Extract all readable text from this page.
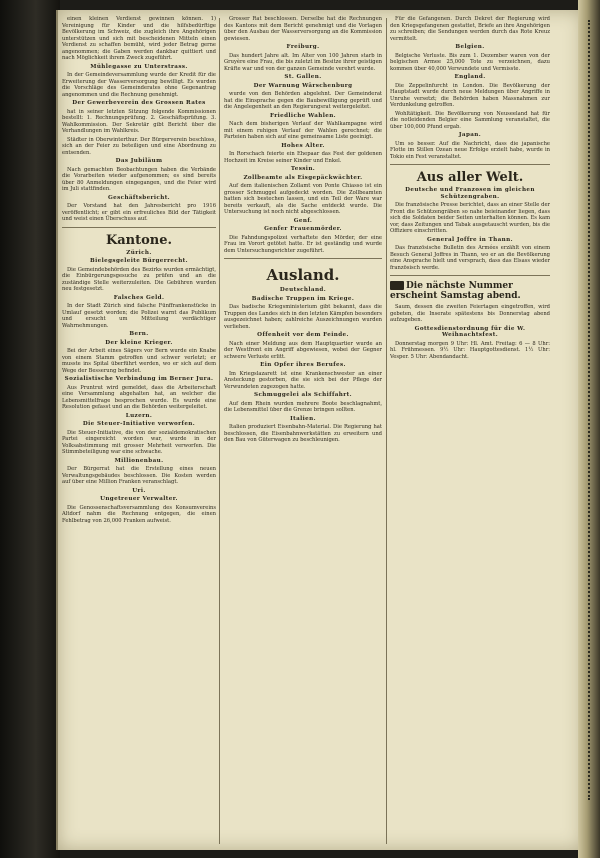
einen kleinen Verdienst gewinnen können. 1) Vereinigung für Kinder und die hilfsbedürftige Bevölkerung im Schweiz, die zugleich ihre Angehörigen unterstützen und sich mit bescheidenen Mitteln einen Verdienst zu schaffen bemüht, wird jeder Betrag gerne angenommen; die Gaben werden dankbar quittiert und nach Möglichkeit ihrem Zweck zugeführt.

Mühlegasse zu Unterstrass.

In der Gemeindeversammlung wurde der Kredit für die Erweiterung der Wasserversorgung bewilligt. Es wurden die Vorschläge des Gemeinderates ohne Gegenantrag angenommen und die Rechnung genehmigt.

Der Gewerbeverein des Grossen Rates

hat in seiner letzten Sitzung folgende Kommissionen bestellt: 1. Rechnungsprüfung. 2. Geschäftsprüfung. 3. Wahlkommission. Der Sekretär gibt Bericht über die Verhandlungen im Wahlkreis.

Städter in Oberwinterthur. Der Bürgerverein beschloss, sich an der Feier zu beteiligen und eine Abordnung zu entsenden.

Das Jubiläum

Nach gemachten Beobachtungen haben die Verbände die Vorarbeiten wieder aufgenommen; es sind bereits über 80 Anmeldungen eingegangen, und die Feier wird im Juli stattfinden.

Geschäftsbericht.

Der Vorstand hat den Jahresbericht pro 1916 veröffentlicht; er gibt ein erfreuliches Bild der Tätigkeit und weist einen Überschuss auf.

Kantone.

Zürich.

Bielegsgeleite Bürgerrecht.

Die Gemeindebehörden des Bezirks wurden ermächtigt, die Einbürgerungsgesuche zu prüfen und an die zuständige Stelle weiterzuleiten. Die Gebühren wurden neu festgesetzt.

Falsches Geld.

In der Stadt Zürich sind falsche Fünffrankenstücke in Umlauf gesetzt worden; die Polizei warnt das Publikum und ersucht um Mitteilung verdächtiger Wahrnehmungen.

Bern.

Der kleine Krieger.

Bei der Arbeit eines Sägers vor Bern wurde ein Knabe von einem Stamm getroffen und schwer verletzt; er musste ins Spital überführt werden, wo er sich auf dem Wege der Besserung befindet.

Sozialistische Verbindung im Berner Jura.

Aus Pruntrut wird gemeldet, dass die Arbeiterschaft eine Versammlung abgehalten hat, an welcher die Lebensmittelfrage besprochen wurde. Es wurde eine Resolution gefasst und an die Behörden weitergeleitet.

Luzern.

Die Steuer-Initiative verworfen.

Die Steuer-Initiative, die von der sozialdemokratischen Partei eingereicht worden war, wurde in der Volksabstimmung mit grosser Mehrheit verworfen. Die Stimmbeteiligung war eine schwache.

Millionenbau.

Der Bürgerrat hat die Erstellung eines neuen Verwaltungsgebäudes beschlossen. Die Kosten werden auf über eine Million Franken veranschlagt.

Uri.

Ungetreuer Verwalter.

Die Genossenschaftsversammlung des Konsumvereins Altdorf nahm die Rechnung entgegen, die einen Fehlbetrag von 26,000 Franken aufweist.

Grosser Rat beschlossen. Derselbe hat die Rechnungen des Kantons mit dem Bericht genehmigt und die Vorlagen über den Ausbau der Wasserversorgung an die Kommission gewiesen.

Freiburg.

Das hundert Jahre alt. Im Alter von 100 Jahren starb in Gruyère eine Frau, die bis zuletzt im Besitze ihrer geistigen Kräfte war und von der ganzen Gemeinde verehrt wurde.

St. Gallen.

Der Warnung Wärschenburg

wurde von den Behörden abgelehnt. Der Gemeinderat hat die Einsprache gegen die Baubewilligung geprüft und die Angelegenheit an den Regierungsrat weitergeleitet.

Friedliche Wahlen.

Nach dem bisherigen Verlauf der Wahlkampagne wird mit einem ruhigen Verlauf der Wahlen gerechnet; die Parteien haben sich auf eine gemeinsame Liste geeinigt.

Hohes Alter.

In Rorschach feierte ein Ehepaar das Fest der goldenen Hochzeit im Kreise seiner Kinder und Enkel.

Tessin.

Zollbeamte als Eisgepäckwächter.

Auf dem italienischen Zollamt von Ponte Chiasso ist ein grosser Schmuggel aufgedeckt worden. Die Zollbeamten hatten sich bestechen lassen, und ein Teil der Ware war bereits verkauft, als die Sache entdeckt wurde. Die Untersuchung ist noch nicht abgeschlossen.

Genf.

Genfer Frauenmörder.

Die Fahndungspolizei verhaftete den Mörder, der eine Frau im Vorort getötet hatte. Er ist geständig und wurde dem Untersuchungsrichter zugeführt.

Ausland.

Deutschland.

Badische Truppen im Kriege.

Das badische Kriegsministerium gibt bekannt, dass die Truppen des Landes sich in den letzten Kämpfen besonders ausgezeichnet haben; zahlreiche Auszeichnungen wurden verliehen.

Offenheit vor dem Feinde.

Nach einer Meldung aus dem Hauptquartier wurde an der Westfront ein Angriff abgewiesen, wobei der Gegner schwere Verluste erlitt.

Ein Opfer ihres Berufes.

Im Kriegslazarett ist eine Krankenschwester an einer Ansteckung gestorben, die sie sich bei der Pflege der Verwundeten zugezogen hatte.

Schmuggelei als Schiffahrt.

Auf dem Rhein wurden mehrere Boote beschlagnahmt, die Lebensmittel über die Grenze bringen sollten.

Italien.

Italien produziert Eisenbahn-Material. Die Regierung hat beschlossen, die Eisenbahnwerkstätten zu erweitern und den Bau von Güterwagen zu beschleunigen.

Für die Gefangenen. Durch Dekret der Regierung wird den Kriegsgefangenen gestattet, Briefe an ihre Angehörigen zu schreiben; die Sendungen werden durch das Rote Kreuz vermittelt.

Belgien.

Belgische Verluste. Bis zum 1. Dezember waren von der belgischen Armee 25,000 Tote zu verzeichnen, dazu kommen über 40,000 Verwundete und Vermisste.

England.

Die Zeppelinfurcht in London. Die Bevölkerung der Hauptstadt wurde durch neue Meldungen über Angriffe in Unruhe versetzt; die Behörden haben Massnahmen zur Verdunkelung getroffen.

Wohltätigkeit. Die Bevölkerung von Neuseeland hat für die notleidenden Belgier eine Sammlung veranstaltet, die über 100,000 Pfund ergab.

Japan.

Um so besser. Auf die Nachricht, dass die japanische Flotte im Stillen Ozean neue Erfolge erzielt habe, wurde in Tokio ein Fest veranstaltet.

Aus aller Welt.

Deutsche und Franzosen im gleichen Schützengraben.

Die französische Presse berichtet, dass an einer Stelle der Front die Schützengräben so nahe beieinander liegen, dass sich die Soldaten beider Seiten unterhalten können. Es kam vor, dass Zeitungen und Tabak ausgetauscht wurden, bis die Offiziere einschritten.

General Joffre in Thann.

Das französische Bulletin des Armées erzählt von einem Besuch General Joffres in Thann, wo er an die Bevölkerung eine Ansprache hielt und versprach, dass das Elsass wieder französisch werde.

Die nächste Nummer erscheint Samstag abend.

Saum, dessen die zweiten Feiertagen eingetroffen, wird gebeten, die Inserate spätestens bis Donnerstag abend aufzugeben.

Gottesdienstordnung für die W. Weihnachtsfest.

Donnerstag morgen 9 Uhr: Hl. Amt. Freitag: 6 — 8 Uhr: hl. Frühmessen. 9½ Uhr: Hauptgottesdienst. 1½ Uhr: Vesper. 5 Uhr: Abendandacht.
